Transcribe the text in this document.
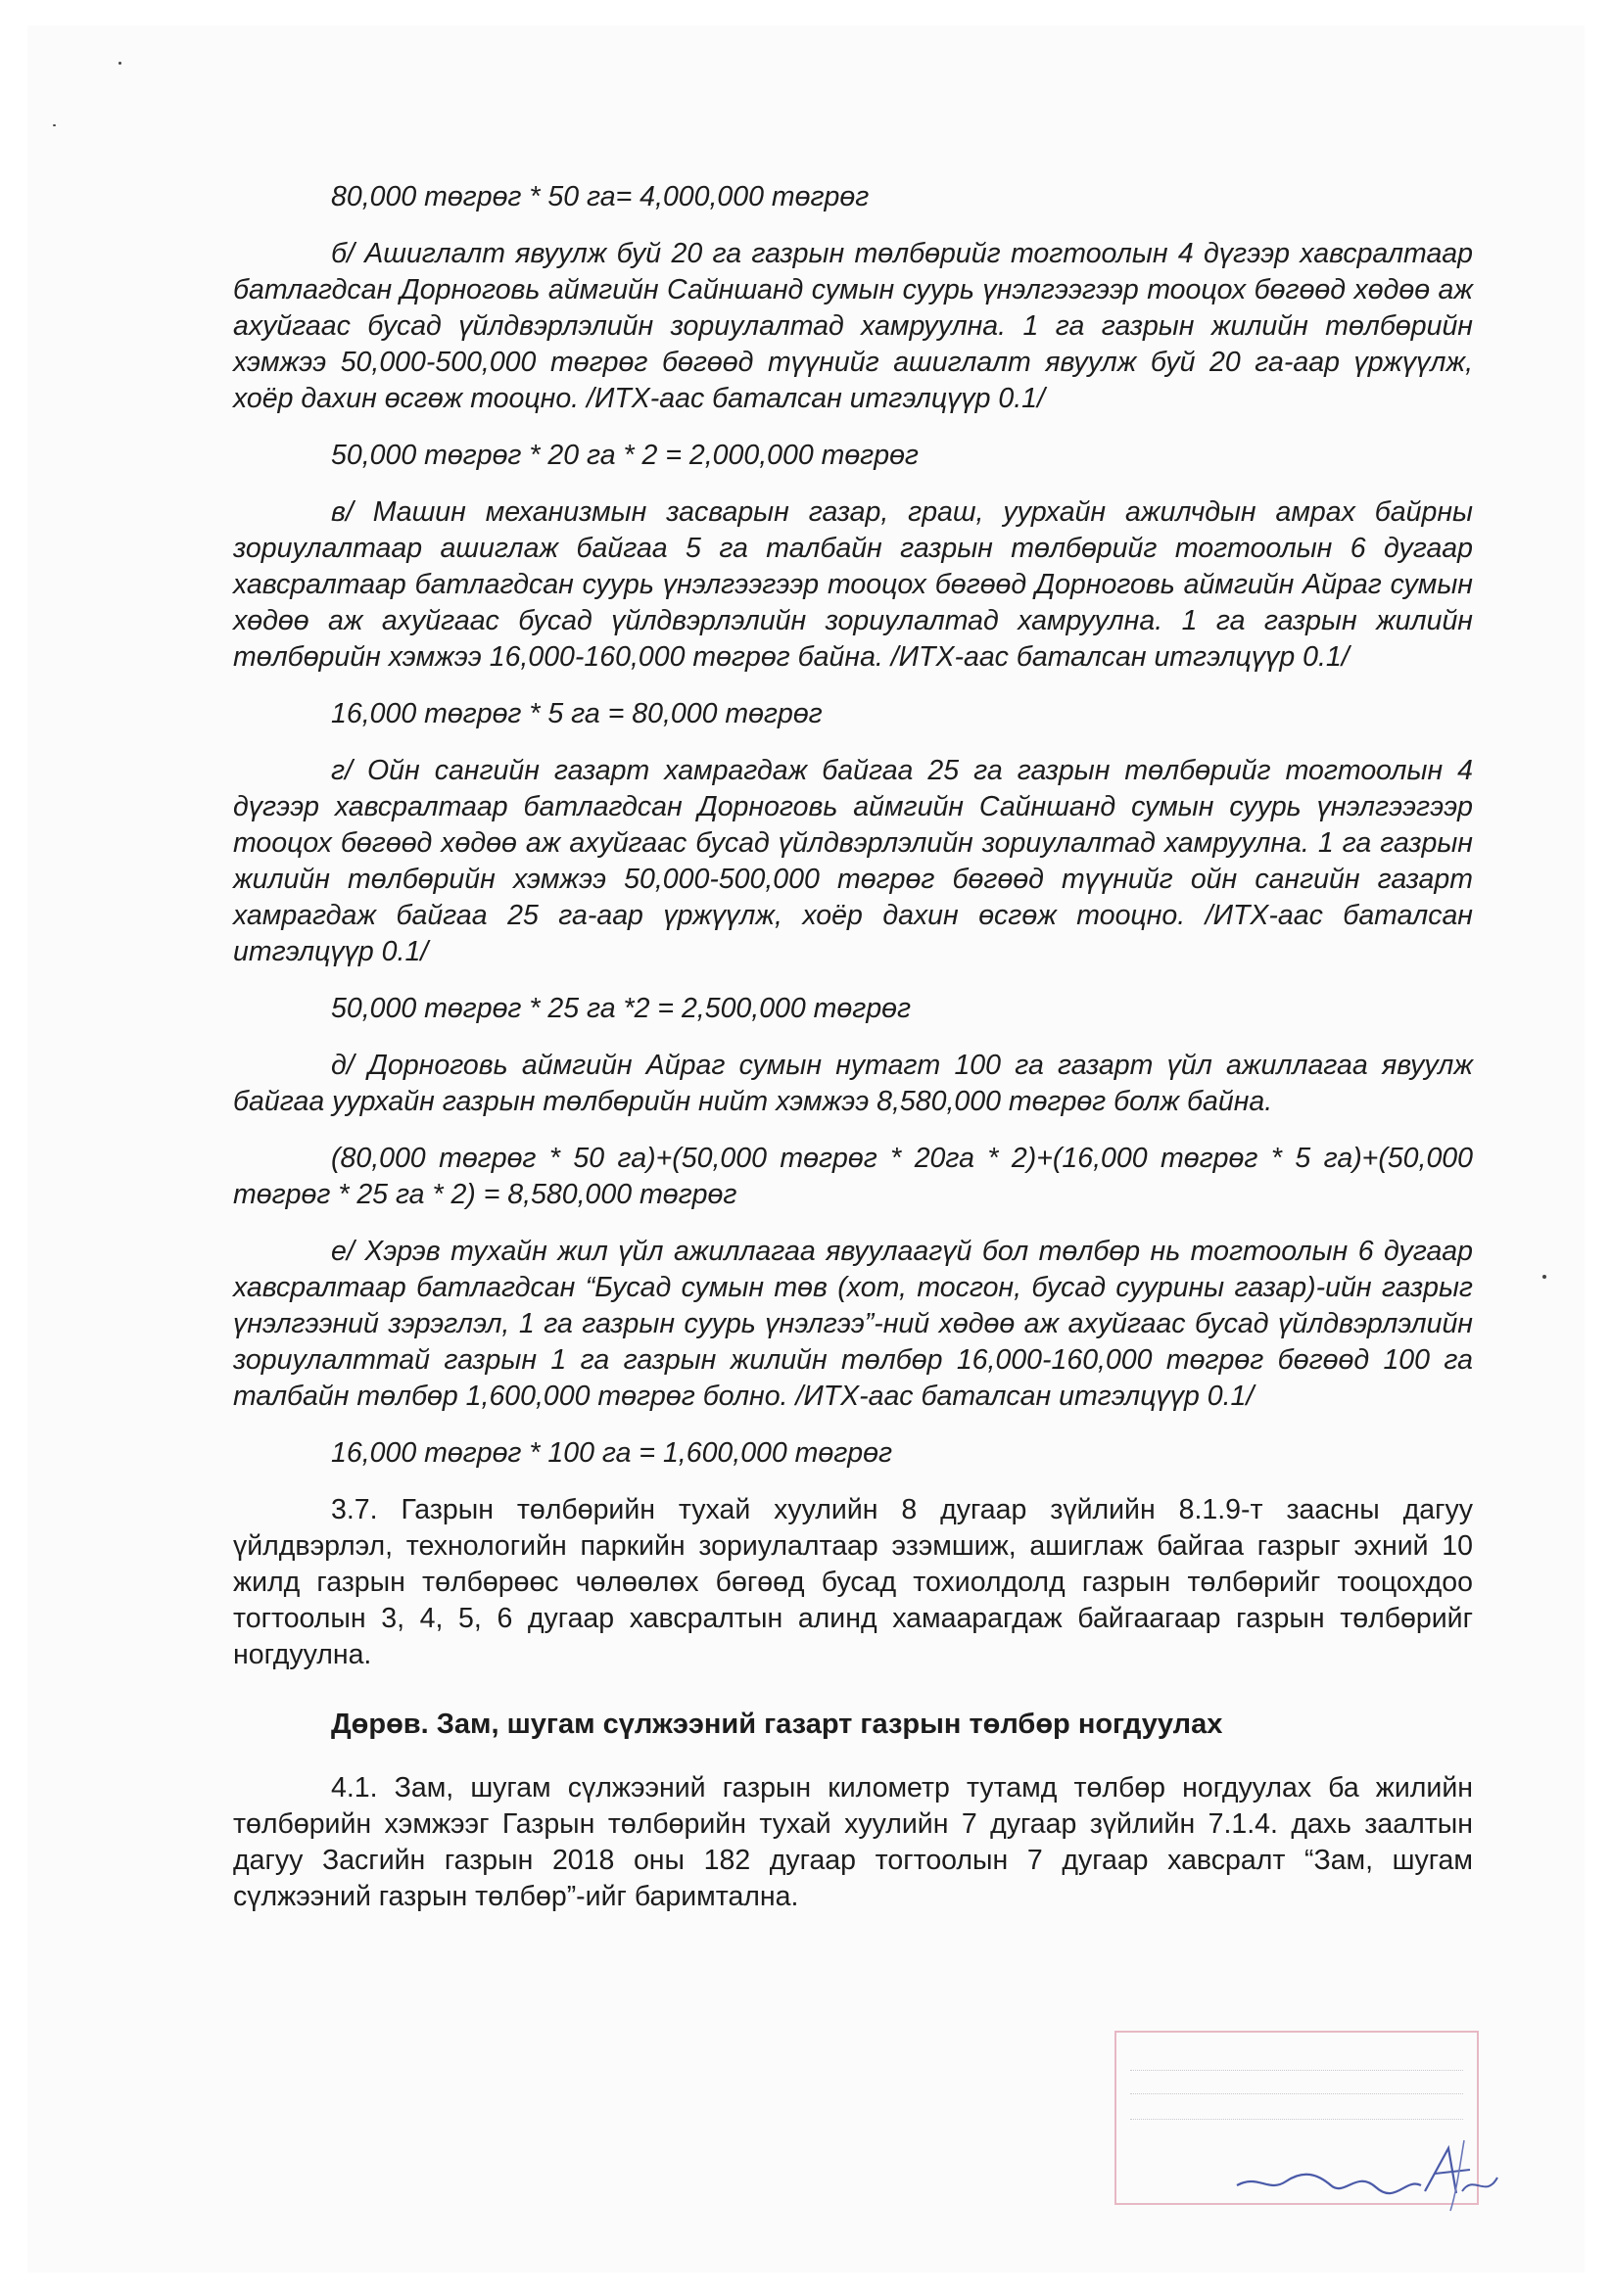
80,000 төгрөг * 50 га= 4,000,000 төгрөг

б/ Ашиглалт явуулж буй 20 га газрын төлбөрийг тогтоолын 4 дүгээр хавсралтаар батлагдсан Дорноговь аймгийн Сайншанд сумын суурь үнэлгээгээр тооцох бөгөөд хөдөө аж ахуйгаас бусад үйлдвэрлэлийн зориулалтад хамруулна. 1 га газрын жилийн төлбөрийн хэмжээ 50,000-500,000 төгрөг бөгөөд түүнийг ашиглалт явуулж буй 20 га-аар үржүүлж, хоёр дахин өсгөж тооцно. /ИТХ-аас баталсан итгэлцүүр 0.1/

50,000 төгрөг * 20 га * 2 = 2,000,000 төгрөг

в/ Машин механизмын засварын газар, граш, уурхайн ажилчдын амрах байрны зориулалтаар ашиглаж байгаа 5 га талбайн газрын төлбөрийг тогтоолын 6 дугаар хавсралтаар батлагдсан суурь үнэлгээгээр тооцох бөгөөд Дорноговь аймгийн Айраг сумын хөдөө аж ахуйгаас бусад үйлдвэрлэлийн зориулалтад хамруулна. 1 га газрын жилийн төлбөрийн хэмжээ 16,000-160,000 төгрөг байна. /ИТХ-аас баталсан итгэлцүүр 0.1/

16,000 төгрөг * 5 га = 80,000 төгрөг

г/ Ойн сангийн газарт хамрагдаж байгаа 25 га газрын төлбөрийг тогтоолын 4 дүгээр хавсралтаар батлагдсан Дорноговь аймгийн Сайншанд сумын суурь үнэлгээгээр тооцох бөгөөд хөдөө аж ахуйгаас бусад үйлдвэрлэлийн зориулалтад хамруулна. 1 га газрын жилийн төлбөрийн хэмжээ 50,000-500,000 төгрөг бөгөөд түүнийг ойн сангийн газарт хамрагдаж байгаа 25 га-аар үржүүлж, хоёр дахин өсгөж тооцно. /ИТХ-аас баталсан итгэлцүүр 0.1/

50,000 төгрөг * 25 га *2 = 2,500,000 төгрөг

д/ Дорноговь аймгийн Айраг сумын нутагт 100 га газарт үйл ажиллагаа явуулж байгаа уурхайн газрын төлбөрийн нийт хэмжээ 8,580,000 төгрөг болж байна.

(80,000 төгрөг * 50 га)+(50,000 төгрөг * 20га * 2)+(16,000 төгрөг * 5 га)+(50,000 төгрөг * 25 га * 2) = 8,580,000 төгрөг

е/ Хэрэв тухайн жил үйл ажиллагаа явуулаагүй бол төлбөр нь тогтоолын 6 дугаар хавсралтаар батлагдсан “Бусад сумын төв (хот, тосгон, бусад суурины газар)-ийн газрыг үнэлгээний зэрэглэл, 1 га газрын суурь үнэлгээ”-ний хөдөө аж ахуйгаас бусад үйлдвэрлэлийн зориулалттай газрын 1 га газрын жилийн төлбөр 16,000-160,000 төгрөг бөгөөд 100 га талбайн төлбөр 1,600,000 төгрөг болно. /ИТХ-аас баталсан итгэлцүүр 0.1/

16,000 төгрөг * 100 га = 1,600,000 төгрөг

3.7. Газрын төлбөрийн тухай хуулийн 8 дугаар зүйлийн 8.1.9-т заасны дагуу үйлдвэрлэл, технологийн паркийн зориулалтаар эзэмшиж, ашиглаж байгаа газрыг эхний 10 жилд газрын төлбөрөөс чөлөөлөх бөгөөд бусад тохиолдолд газрын төлбөрийг тооцохдоо тогтоолын 3, 4, 5, 6 дугаар хавсралтын алинд хамаарагдаж байгаагаар газрын төлбөрийг ногдуулна.

Дөрөв. Зам, шугам сүлжээний газарт газрын төлбөр ногдуулах

4.1. Зам, шугам сүлжээний газрын километр тутамд төлбөр ногдуулах ба жилийн төлбөрийн хэмжээг Газрын төлбөрийн тухай хуулийн 7 дугаар зүйлийн 7.1.4. дахь заалтын дагуу Засгийн газрын 2018 оны 182 дугаар тогтоолын 7 дугаар хавсралт “Зам, шугам сүлжээний газрын төлбөр”-ийг баримтална.
